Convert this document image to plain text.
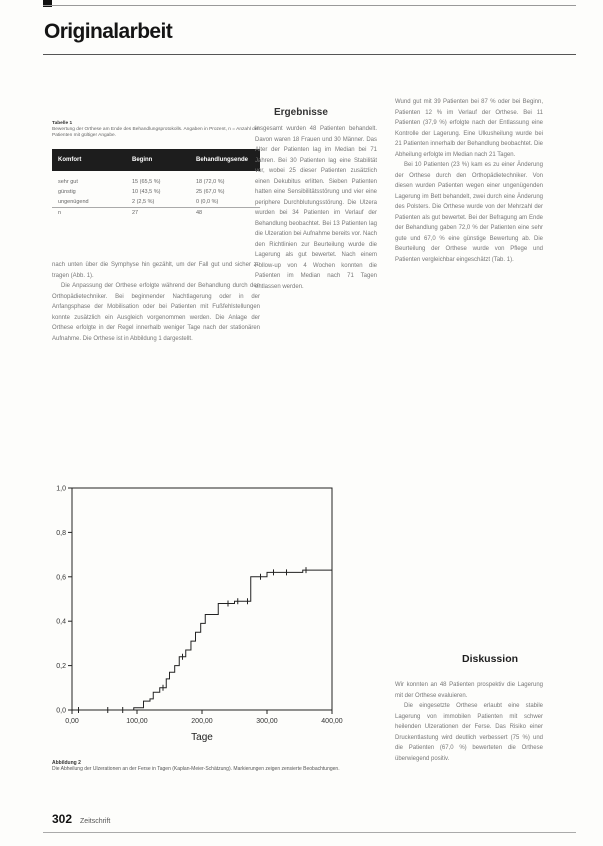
Originalarbeit
Tabelle 1
Bewertung der Orthese am Ende des Behandlungsprotokolls. Angaben in Prozent, n = Anzahl der Patienten mit gültiger Angabe.
Komfort	Beginn	Behandlungsende
sehr gut	15 (65,5 %)	18 (72,0 %)
günstig	10 (43,5 %)	25 (67,0 %)
ungenügend	2 (2,5 %)	0 (0,0 %)
n	27	48

nach unten über die Symphyse hin gezählt, um der Fall gut und sicher zu tragen (Abb. 1).

Die Anpassung der Orthese erfolgte während der Behandlung durch den Orthopädietechniker. Bei beginnender Nachtlagerung oder in der Anfangsphase der Mobilisation oder bei Patienten mit Fußfehlstellungen konnte zusätzlich ein Ausgleich vorgenommen werden. Die Anlage der Orthese erfolgte in der Regel innerhalb weniger Tage nach der stationären Aufnahme. Die Orthese ist in Abbildung 1 dargestellt.

Ergebnisse

Insgesamt wurden 48 Patienten behandelt. Davon waren 18 Frauen und 30 Männer. Das Alter der Patienten lag im Median bei 71 Jahren. Bei 30 Patienten lag eine Stabilität vor, wobei 25 dieser Patienten zusätzlich einen Dekubitus erlitten. Sieben Patienten hatten eine Sensibilitätsstörung und vier eine periphere Durchblutungsstörung. Die Ulzera wurden bei 34 Patienten im Verlauf der Behandlung beobachtet. Bei 13 Patienten lag die Ulzeration bei Aufnahme bereits vor. Nach den Richtlinien zur Beurteilung wurde die Lagerung als gut bewertet. Nach einem Follow-up von 4 Wochen konnten die Patienten im Median nach 71 Tagen entlassen werden.

Wund gut mit 39 Patienten bei 87 % oder bei Beginn, Patienten 12 % im Verlauf der Orthese. Bei 11 Patienten (37,9 %) erfolgte nach der Entlassung eine Kontrolle der Lagerung. Eine Ulkusheilung wurde bei 21 Patienten innerhalb der Behandlung beobachtet. Die Abheilung erfolgte im Median nach 21 Tagen.

Bei 10 Patienten (23 %) kam es zu einer Änderung der Orthese durch den Orthopädietechniker. Von diesen wurden Patienten wegen einer ungenügenden Lagerung im Bett behandelt, zwei durch eine Änderung des Polsters. Die Orthese wurde von der Mehrzahl der Patienten als gut bewertet. Bei der Befragung am Ende der Behandlung gaben 72,0 % der Patienten eine sehr gute und 67,0 % eine günstige Bewertung ab. Die Beurteilung der Orthese wurde von Pflege und Patienten vergleichbar eingeschätzt (Tab. 1).

Diskussion

Wir konnten an 48 Patienten prospektiv die Lagerung mit der Orthese evaluieren.

Die eingesetzte Orthese erlaubt eine stabile Lagerung von immobilen Patienten mit schwer heilenden Ulzerationen der Ferse. Das Risiko einer Druckentlastung wird deutlich verbessert (75 %) und die Patienten (67,0 %) bewerteten die Orthese überwiegend positiv.

0,0
0,2
0,4
0,6
0,8
1,0
0,00	100,00	200,00	300,00	400,00
Tage
Abbildung 2
Die Abheilung der Ulzerationen an der Ferse in Tagen (Kaplan-Meier-Schätzung). Markierungen zeigen zensierte Beobachtungen.
302 Zeitschrift
